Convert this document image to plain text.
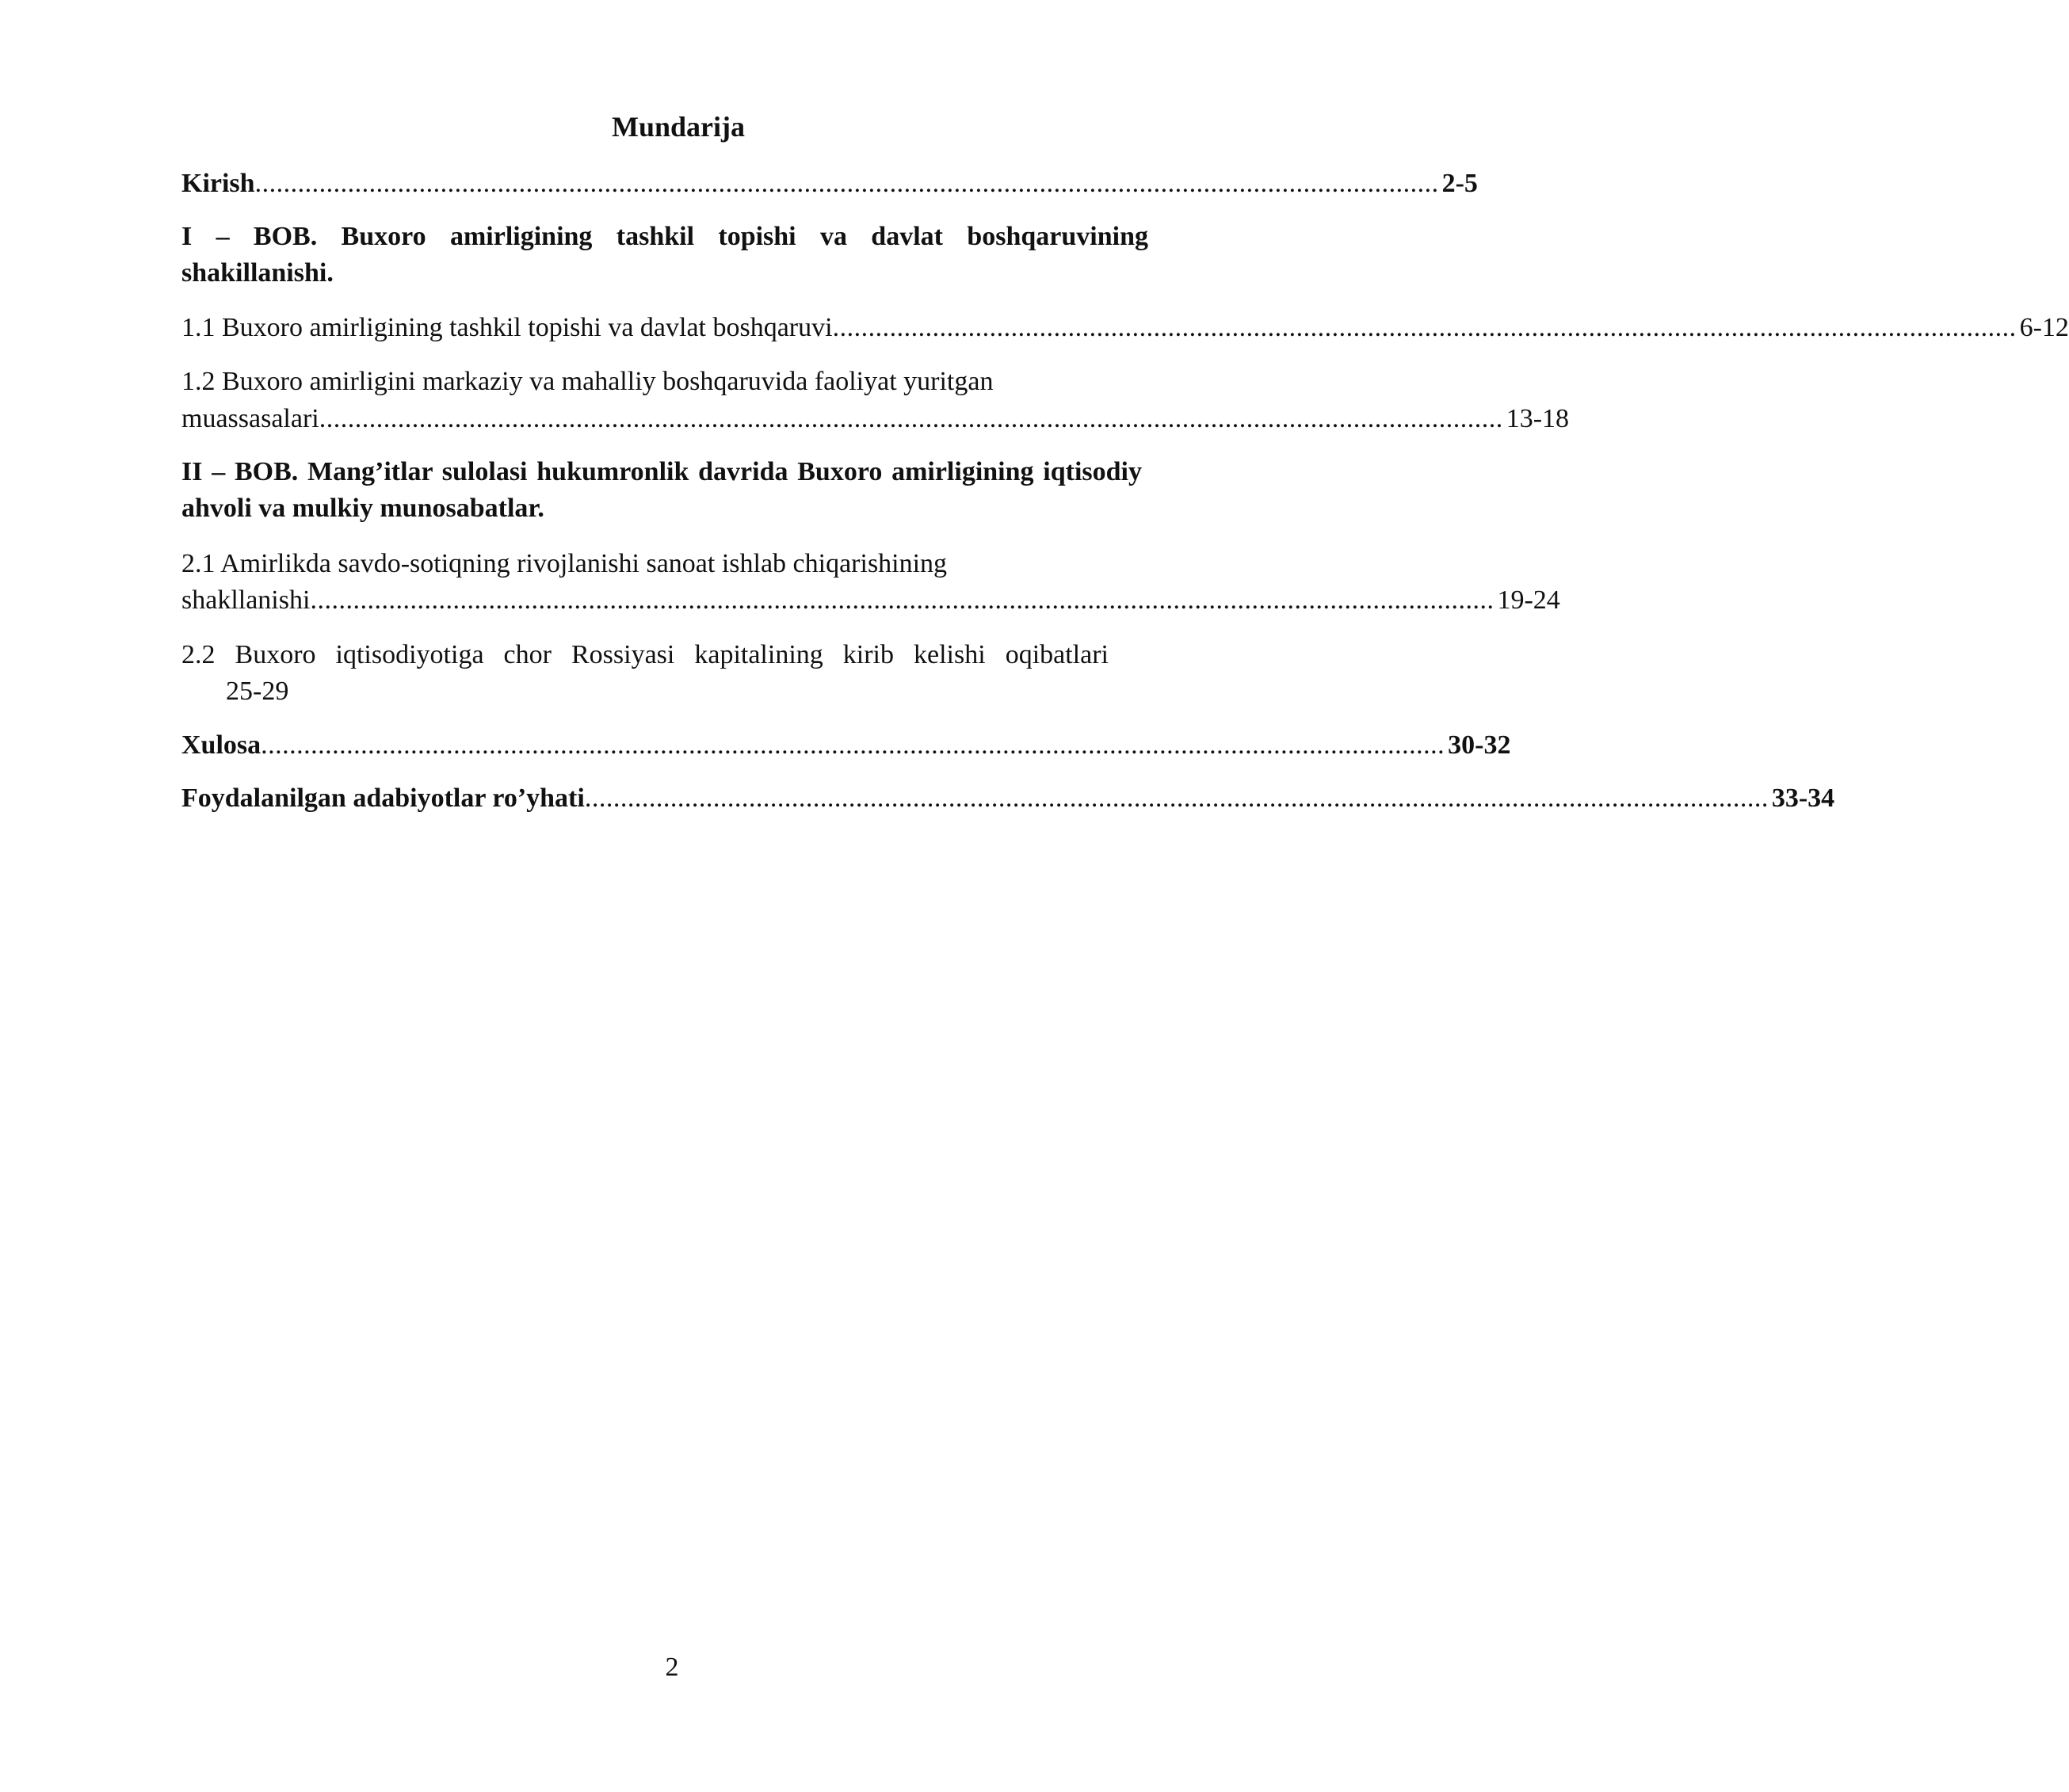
Mundarija
Kirish ...................................................................................................................................................................... 2-5
I – BOB. Buxoro amirligining tashkil topishi va davlat boshqaruvining shakillanishi.
1.1 Buxoro amirligining tashkil topishi va davlat boshqaruvi ...................................................................................................................................................................... 6-12
1.2 Buxoro amirligini markaziy va mahalliy boshqaruvida faoliyat yuritgan
muassasalari ...................................................................................................................................................................... 13-18
II – BOB. Mang’itlar sulolasi hukumronlik davrida Buxoro amirligining iqtisodiy ahvoli va mulkiy munosabatlar.
2.1 Amirlikda savdo-sotiqning rivojlanishi sanoat ishlab chiqarishining
shakllanishi ...................................................................................................................................................................... 19-24
2.2 Buxoro iqtisodiyotiga chor Rossiyasi kapitalining kirib kelishi oqibatlari
25-29
Xulosa ...................................................................................................................................................................... 30-32
Foydalanilgan adabiyotlar ro’yhati ...................................................................................................................................................................... 33-34
2
